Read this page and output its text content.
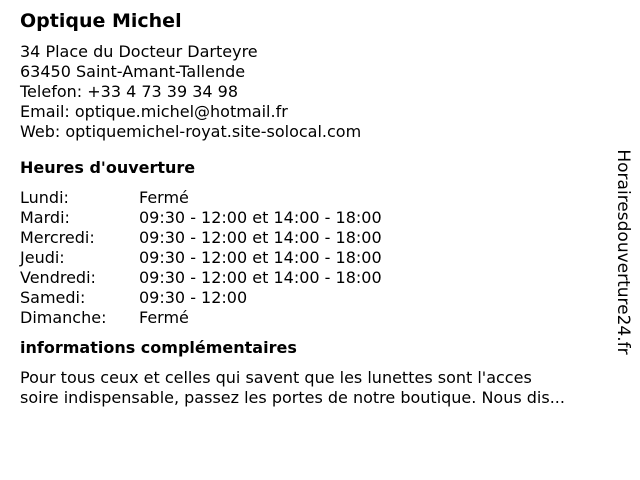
Optique Michel
34 Place du Docteur Darteyre
63450 Saint-Amant-Tallende
Telefon: +33 4 73 39 34 98
Email: optique.michel@hotmail.fr
Web: optiquemichel-royat.site-solocal.com
Heures d'ouverture
Lundi:	Fermé
Mardi:	09:30 - 12:00 et 14:00 - 18:00
Mercredi:	09:30 - 12:00 et 14:00 - 18:00
Jeudi:	09:30 - 12:00 et 14:00 - 18:00
Vendredi:	09:30 - 12:00 et 14:00 - 18:00
Samedi:	09:30 - 12:00
Dimanche:	Fermé
informations complémentaires
Pour tous ceux et celles qui savent que les lunettes sont l'acces
soire indispensable, passez les portes de notre boutique. Nous dis...
Horairesdouverture24.fr
